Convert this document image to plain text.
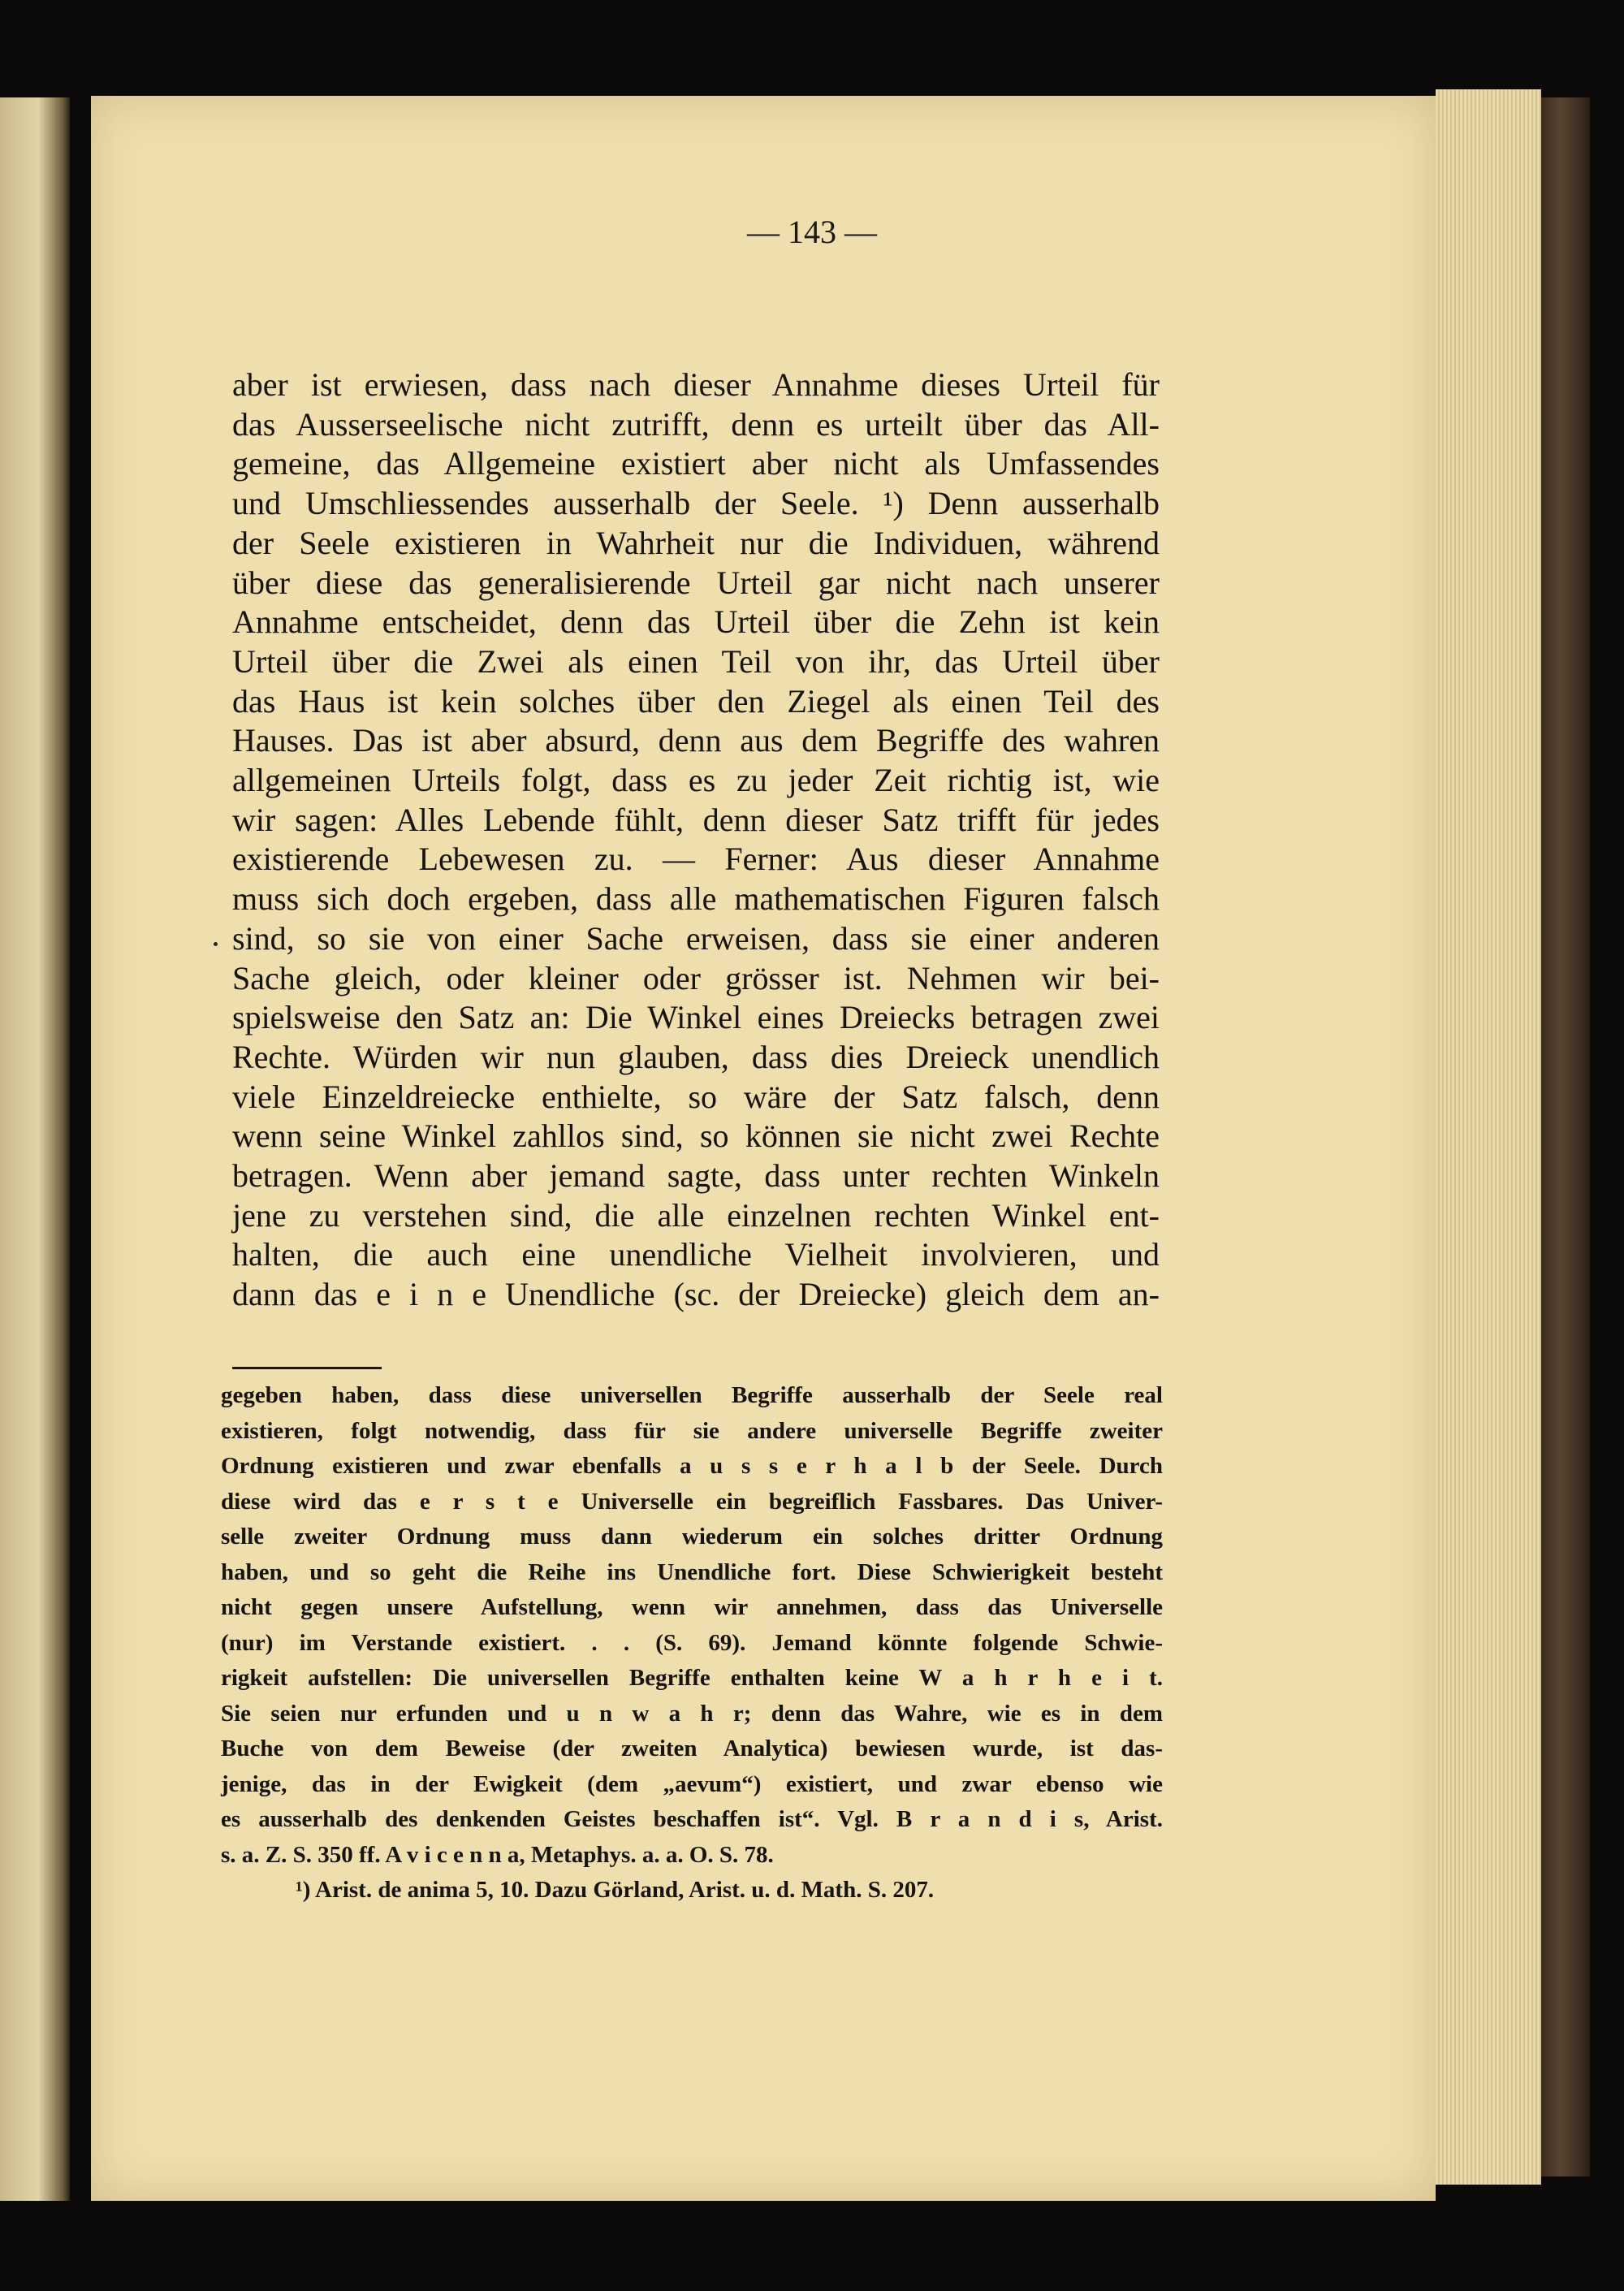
— 143 —
aber ist erwiesen, dass nach dieser Annahme dieses Urteil für
das Ausserseelische nicht zutrifft, denn es urteilt über das All-
gemeine, das Allgemeine existiert aber nicht als Umfassendes
und Umschliessendes ausserhalb der Seele. ¹) Denn ausserhalb
der Seele existieren in Wahrheit nur die Individuen, während
über diese das generalisierende Urteil gar nicht nach unserer
Annahme entscheidet, denn das Urteil über die Zehn ist kein
Urteil über die Zwei als einen Teil von ihr, das Urteil über
das Haus ist kein solches über den Ziegel als einen Teil des
Hauses. Das ist aber absurd, denn aus dem Begriffe des wahren
allgemeinen Urteils folgt, dass es zu jeder Zeit richtig ist, wie
wir sagen: Alles Lebende fühlt, denn dieser Satz trifft für jedes
existierende Lebewesen zu. — Ferner: Aus dieser Annahme
muss sich doch ergeben, dass alle mathematischen Figuren falsch
sind, so sie von einer Sache erweisen, dass sie einer anderen
Sache gleich, oder kleiner oder grösser ist. Nehmen wir bei-
spielsweise den Satz an: Die Winkel eines Dreiecks betragen zwei
Rechte. Würden wir nun glauben, dass dies Dreieck unendlich
viele Einzeldreiecke enthielte, so wäre der Satz falsch, denn
wenn seine Winkel zahllos sind, so können sie nicht zwei Rechte
betragen. Wenn aber jemand sagte, dass unter rechten Winkeln
jene zu verstehen sind, die alle einzelnen rechten Winkel ent-
halten, die auch eine unendliche Vielheit involvieren, und
dann das e i n e Unendliche (sc. der Dreiecke) gleich dem an-
gegeben haben, dass diese universellen Begriffe ausserhalb der Seele real
existieren, folgt notwendig, dass für sie andere universelle Begriffe zweiter
Ordnung existieren und zwar ebenfalls a u s s e r h a l b der Seele. Durch
diese wird das e r s t e Universelle ein begreiflich Fassbares. Das Univer-
selle zweiter Ordnung muss dann wiederum ein solches dritter Ordnung
haben, und so geht die Reihe ins Unendliche fort. Diese Schwierigkeit besteht
nicht gegen unsere Aufstellung, wenn wir annehmen, dass das Universelle
(nur) im Verstande existiert. . . (S. 69). Jemand könnte folgende Schwie-
rigkeit aufstellen: Die universellen Begriffe enthalten keine W a h r h e i t.
Sie seien nur erfunden und u n w a h r; denn das Wahre, wie es in dem
Buche von dem Beweise (der zweiten Analytica) bewiesen wurde, ist das-
jenige, das in der Ewigkeit (dem „aevum“) existiert, und zwar ebenso wie
es ausserhalb des denkenden Geistes beschaffen ist“. Vgl. B r a n d i s, Arist.
s. a. Z. S. 350 ff. A v i c e n n a, Metaphys. a. a. O. S. 78.
¹) Arist. de anima 5, 10. Dazu Görland, Arist. u. d. Math. S. 207.
